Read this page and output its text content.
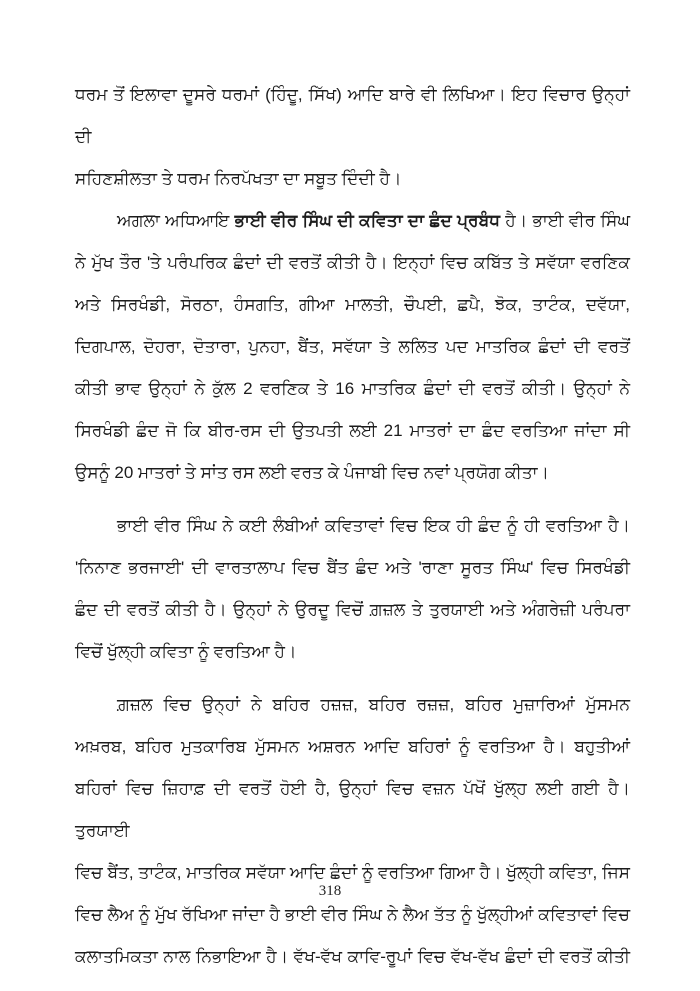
ਧਰਮ ਤੋਂ ਇਲਾਵਾ ਦੂਸਰੇ ਧਰਮਾਂ (ਹਿੰਦੂ, ਸਿੱਖ) ਆਦਿ ਬਾਰੇ ਵੀ ਲਿਖਿਆ। ਇਹ ਵਿਚਾਰ ਉਨ੍ਹਾਂ ਦੀ
ਸਹਿਣਸ਼ੀਲਤਾ ਤੇ ਧਰਮ ਨਿਰਪੱਖਤਾ ਦਾ ਸਬੂਤ ਦਿੰਦੀ ਹੈ।
ਅਗਲਾ ਅਧਿਆਇ ਭਾਈ ਵੀਰ ਸਿੰਘ ਦੀ ਕਵਿਤਾ ਦਾ ਛੰਦ ਪ੍ਰਬੰਧ ਹੈ। ਭਾਈ ਵੀਰ ਸਿੰਘ
ਨੇ ਮੁੱਖ ਤੌਰ 'ਤੇ ਪਰੰਪਰਿਕ ਛੰਦਾਂ ਦੀ ਵਰਤੋਂ ਕੀਤੀ ਹੈ। ਇਨ੍ਹਾਂ ਵਿਚ ਕਬਿੱਤ ਤੇ ਸਵੱਯਾ ਵਰਣਿਕ
ਅਤੇ ਸਿਰਖੰਡੀ, ਸੋਰਠਾ, ਹੰਸਗਤਿ, ਗੀਆ ਮਾਲਤੀ, ਚੌਪਈ, ਛਪੈ, ਝੋਕ, ਤਾਟੰਕ, ਦਵੱਯਾ,
ਦਿਗਪਾਲ, ਦੋਹਰਾ, ਦੋਤਾਰਾ, ਪੁਨਹਾ, ਬੈਂਤ, ਸਵੱਯਾ ਤੇ ਲਲਿਤ ਪਦ ਮਾਤਰਿਕ ਛੰਦਾਂ ਦੀ ਵਰਤੋਂ
ਕੀਤੀ ਭਾਵ ਉਨ੍ਹਾਂ ਨੇ ਕੁੱਲ 2 ਵਰਣਿਕ ਤੇ 16 ਮਾਤਰਿਕ ਛੰਦਾਂ ਦੀ ਵਰਤੋਂ ਕੀਤੀ। ਉਨ੍ਹਾਂ ਨੇ
ਸਿਰਖੰਡੀ ਛੰਦ ਜੋ ਕਿ ਬੀਰ-ਰਸ ਦੀ ਉਤਪਤੀ ਲਈ 21 ਮਾਤਰਾਂ ਦਾ ਛੰਦ ਵਰਤਿਆ ਜਾਂਦਾ ਸੀ
ਉਸਨੂੰ 20 ਮਾਤਰਾਂ ਤੇ ਸਾਂਤ ਰਸ ਲਈ ਵਰਤ ਕੇ ਪੰਜਾਬੀ ਵਿਚ ਨਵਾਂ ਪ੍ਰਯੋਗ ਕੀਤਾ।
ਭਾਈ ਵੀਰ ਸਿੰਘ ਨੇ ਕਈ ਲੰਬੀਆਂ ਕਵਿਤਾਵਾਂ ਵਿਚ ਇਕ ਹੀ ਛੰਦ ਨੂੰ ਹੀ ਵਰਤਿਆ ਹੈ।
'ਨਿਨਾਣ ਭਰਜਾਈ' ਦੀ ਵਾਰਤਾਲਾਪ ਵਿਚ ਬੈਂਤ ਛੰਦ ਅਤੇ 'ਰਾਣਾ ਸੂਰਤ ਸਿੰਘ' ਵਿਚ ਸਿਰਖੰਡੀ
ਛੰਦ ਦੀ ਵਰਤੋਂ ਕੀਤੀ ਹੈ। ਉਨ੍ਹਾਂ ਨੇ ਉਰਦੂ ਵਿਚੋਂ ਗ਼ਜ਼ਲ ਤੇ ਤੁਰਯਾਈ ਅਤੇ ਅੰਗਰੇਜ਼ੀ ਪਰੰਪਰਾ
ਵਿਚੋਂ ਖੁੱਲ੍ਹੀ ਕਵਿਤਾ ਨੂੰ ਵਰਤਿਆ ਹੈ।
ਗ਼ਜ਼ਲ ਵਿਚ ਉਨ੍ਹਾਂ ਨੇ ਬਹਿਰ ਹਜ਼ਜ਼, ਬਹਿਰ ਰਜ਼ਜ਼, ਬਹਿਰ ਮੁਜ਼ਾਰਿਆਂ ਮੁੱਸਮਨ
ਅਖ਼ਰਬ, ਬਹਿਰ ਮੁਤਕਾਰਿਬ ਮੁੱਸਮਨ ਅਸ਼ਰਨ ਆਦਿ ਬਹਿਰਾਂ ਨੂੰ ਵਰਤਿਆ ਹੈ। ਬਹੁਤੀਆਂ
ਬਹਿਰਾਂ ਵਿਚ ਜ਼ਿਹਾਫ਼ ਦੀ ਵਰਤੋਂ ਹੋਈ ਹੈ, ਉਨ੍ਹਾਂ ਵਿਚ ਵਜ਼ਨ ਪੱਖੋਂ ਖੁੱਲ੍ਹ ਲਈ ਗਈ ਹੈ। ਤੁਰਯਾਈ
ਵਿਚ ਬੈਂਤ, ਤਾਟੰਕ, ਮਾਤਰਿਕ ਸਵੱਯਾ ਆਦਿ ਛੰਦਾਂ ਨੂੰ ਵਰਤਿਆ ਗਿਆ ਹੈ। ਖੁੱਲ੍ਹੀ ਕਵਿਤਾ, ਜਿਸ
ਵਿਚ ਲੈਅ ਨੂੰ ਮੁੱਖ ਰੱਖਿਆ ਜਾਂਦਾ ਹੈ ਭਾਈ ਵੀਰ ਸਿੰਘ ਨੇ ਲੈਅ ਤੱਤ ਨੂੰ ਖੁੱਲ੍ਹੀਆਂ ਕਵਿਤਾਵਾਂ ਵਿਚ
ਕਲਾਤਮਿਕਤਾ ਨਾਲ ਨਿਭਾਇਆ ਹੈ। ਵੱਖ-ਵੱਖ ਕਾਵਿ-ਰੂਪਾਂ ਵਿਚ ਵੱਖ-ਵੱਖ ਛੰਦਾਂ ਦੀ ਵਰਤੋਂ ਕੀਤੀ
318
